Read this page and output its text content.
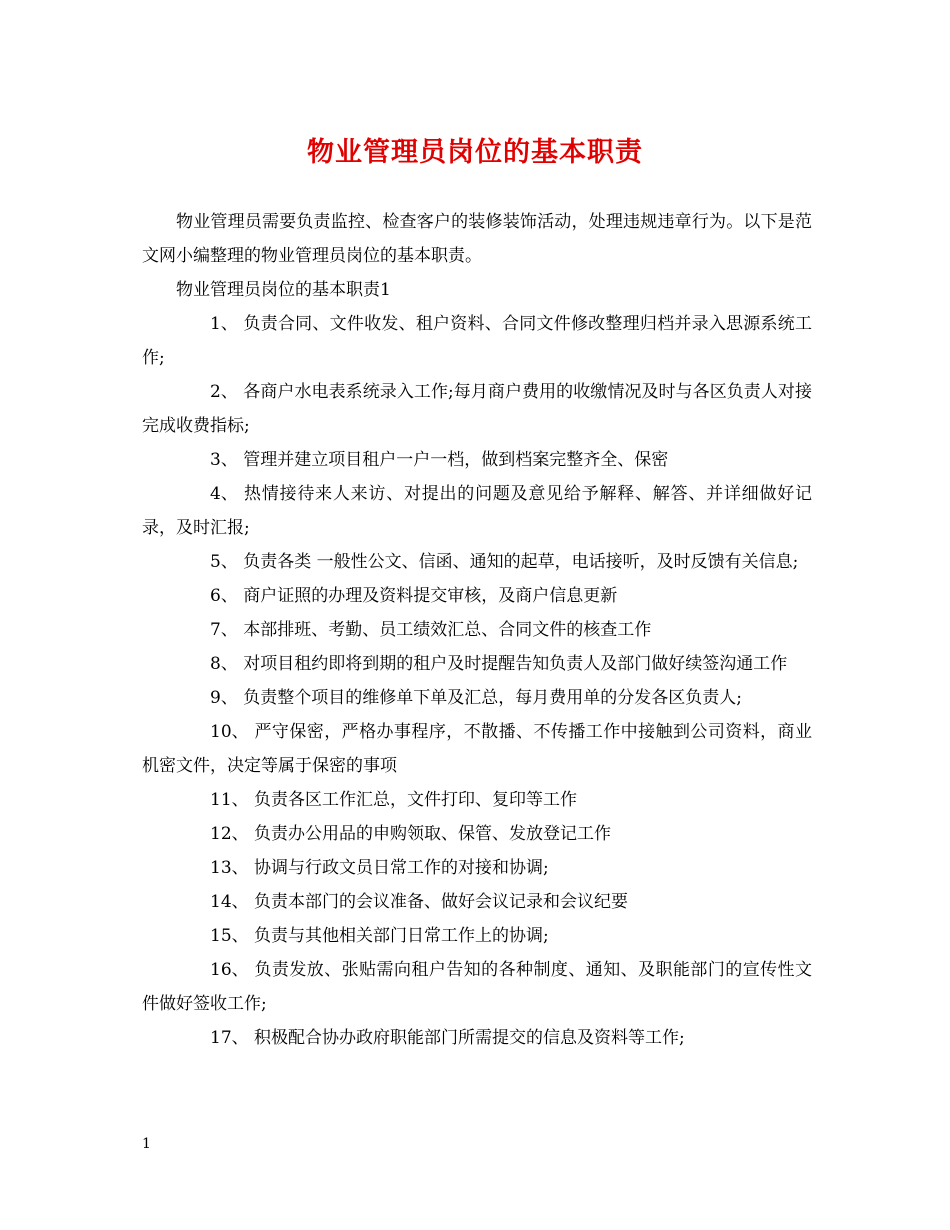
物业管理员岗位的基本职责

物业管理员需要负责监控、检查客户的装修装饰活动，处理违规违章行为。以下是范文网小编整理的物业管理员岗位的基本职责。

物业管理员岗位的基本职责1

1、 负责合同、文件收发、租户资料、合同文件修改整理归档并录入思源系统工作;

2、 各商户水电表系统录入工作;每月商户费用的收缴情况及时与各区负责人对接完成收费指标;

3、 管理并建立项目租户一户一档，做到档案完整齐全、保密

4、 热情接待来人来访、对提出的问题及意见给予解释、解答、并详细做好记录，及时汇报;

5、 负责各类 一般性公文、信函、通知的起草，电话接听，及时反馈有关信息;

6、 商户证照的办理及资料提交审核，及商户信息更新

7、 本部排班、考勤、员工绩效汇总、合同文件的核查工作

8、 对项目租约即将到期的租户及时提醒告知负责人及部门做好续签沟通工作

9、 负责整个项目的维修单下单及汇总，每月费用单的分发各区负责人;

10、 严守保密，严格办事程序，不散播、不传播工作中接触到公司资料，商业机密文件，决定等属于保密的事项

11、 负责各区工作汇总，文件打印、复印等工作

12、 负责办公用品的申购领取、保管、发放登记工作

13、 协调与行政文员日常工作的对接和协调;

14、 负责本部门的会议准备、做好会议记录和会议纪要

15、 负责与其他相关部门日常工作上的协调;

16、 负责发放、张贴需向租户告知的各种制度、通知、及职能部门的宣传性文件做好签收工作;

17、 积极配合协办政府职能部门所需提交的信息及资料等工作;

1
